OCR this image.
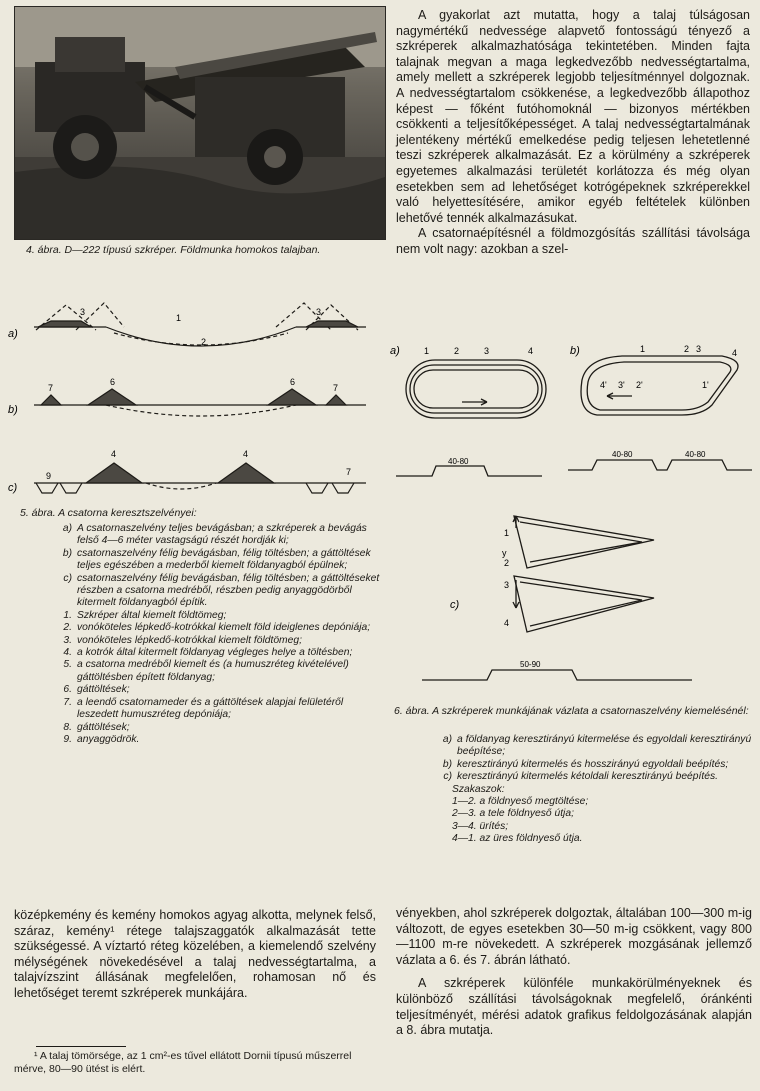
4. ábra. D—222 típusú szkréper. Földmunka homokos talajban.
a)
b)
c)
1
2
3	3
6	6
7	7
4	4
7
9
5. ábra. A csatorna keresztszelvényei:
a) A csatornaszelvény teljes bevágásban; a szkréperek a bevágás felső 4—6 méter vastagságú részét hordják ki;
b) csatornaszelvény félig bevágásban, félig töltésben; a gáttöltések teljes egészében a mederből kiemelt földanyagból épülnek;
c) csatornaszelvény félig bevágásban, félig töltésben; a gáttöltéseket részben a csatorna medréből, részben pedig anyaggödörből kitermelt földanyagból építik.
1. Szkréper által kiemelt földtömeg;
2. vonóköteles lépkedő-kotrókkal kiemelt föld ideiglenes depóniája;
3. vonóköteles lépkedő-kotrókkal kiemelt földtömeg;
4. a kotrók által kitermelt földanyag végleges helye a töltésben;
5. a csatorna medréből kiemelt és (a humuszréteg kivételével) gáttöltésben épített földanyag;
6. gáttöltések;
7. a leendő csatornameder és a gáttöltések alapjai felületéről leszedett humuszréteg depóniája;
8. gáttöltések;
9. anyaggödrök.

A gyakorlat azt mutatta, hogy a talaj túlságosan nagymértékű nedvessége alapvető fontosságú tényező a szkréperek alkalmazhatósága tekintetében. Minden fajta talajnak megvan a maga legkedvezőbb nedvességtartalma, amely mellett a szkréperek legjobb teljesítménnyel dolgoznak. A nedvességtartalom csökkenése, a legkedvezőbb állapothoz képest — főként futóhomoknál — bizonyos mértékben csökkenti a teljesítőképességet. A talaj nedvességtartalmának jelentékeny mértékű emelkedése pedig teljesen lehetetlenné teszi szkréperek alkalmazását. Ez a körülmény a szkréperek egyetemes alkalmazási területét korlátozza és még olyan esetekben sem ad lehetőséget kotrógépeknek szkréperekkel való helyettesítésére, amikor egyéb feltételek különben lehetővé tennék alkalmazásukat.

A csatornaépítésnél a földmozgósítás szállítási távolsága nem volt nagy: azokban a szel-

a)	b)
c)
1	2	3	4	1	2 3	4
4' 3' 2'	1'
1
2
3
4
y
40-80
40-80	40-80
50-90
6. ábra. A szkréperek munkájának vázlata a csatornaszelvény kiemelésénél:
a) a földanyag keresztirányú kitermelése és egyoldali keresztirányú beépítése;
b) keresztirányú kitermelés és hosszirányú egyoldali beépítés;
c) keresztirányú kitermelés kétoldali keresztirányú beépítés.
Szakaszok:
1—2. a földnyeső megtöltése;
2—3. a tele földnyeső útja;
3—4. ürítés;
4—1. az üres földnyeső útja.

középkemény és kemény homokos agyag alkotta, melynek felső, száraz, kemény¹ rétege talajszaggatók alkalmazását tette szükségessé. A víztartó réteg közelében, a kiemelendő szelvény mélységének növekedésével a talaj nedvességtartalma, a talajvízszint állásának megfelelően, rohamosan nő és lehetőséget teremt szkréperek munkájára.

¹ A talaj tömörsége, az 1 cm²-es tűvel ellátott Dornii típusú műszerrel mérve, 80—90 ütést is elért.

vényekben, ahol szkréperek dolgoztak, általában 100—300 m-ig változott, de egyes esetekben 30—50 m-ig csökkent, vagy 800—1100 m-re növekedett. A szkréperek mozgásának jellemző vázlata a 6. és 7. ábrán látható.

A szkréperek különféle munkakörülményeknek és különböző szállítási távolságoknak megfelelő, óránkénti teljesítményét, mérési adatok grafikus feldolgozásának alapján a 8. ábra mutatja.
